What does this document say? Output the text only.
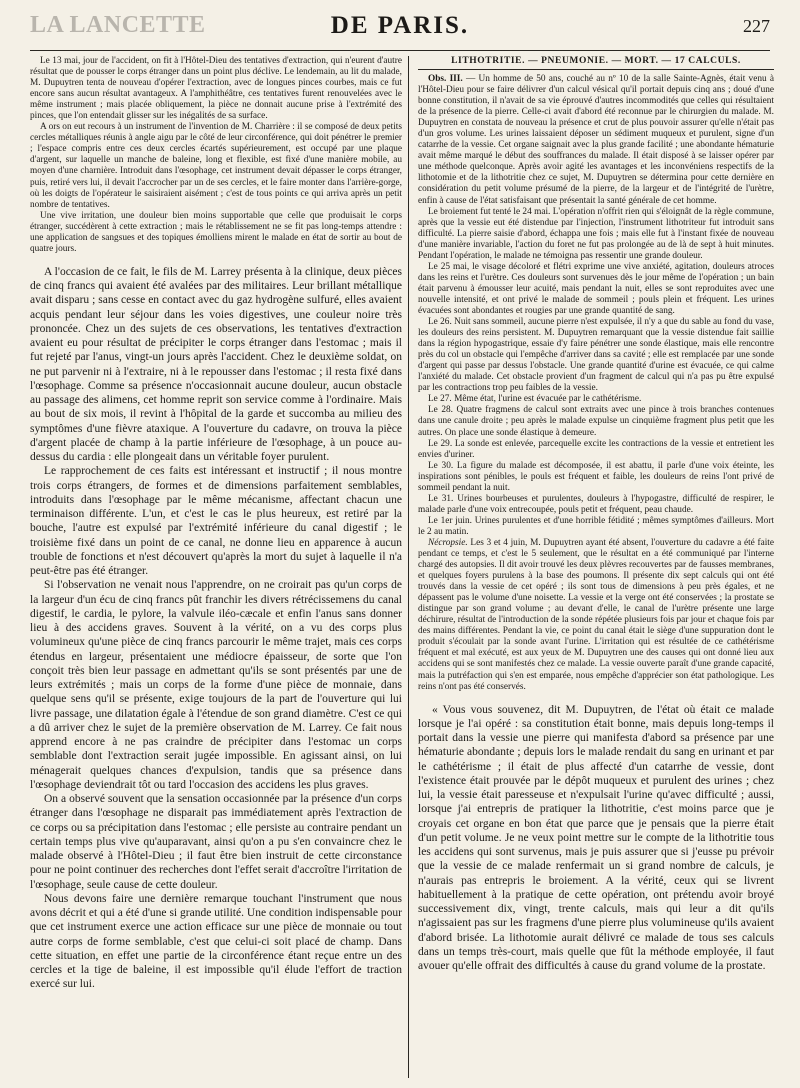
LA LANCETTE	DE PARIS.	227

Le 13 mai, jour de l'accident, on fit à l'Hôtel-Dieu des tentatives d'extraction, qui n'eurent d'autre résultat que de pousser le corps étranger dans un point plus déclive. Le lendemain, au lit du malade, M. Dupuytren tenta de nouveau d'opérer l'extraction, avec de longues pinces courbes, mais ce fut encore sans aucun résultat avantageux. A l'amphithéâtre, ces tentatives furent renouvelées avec le même instrument ; mais placée obliquement, la pièce ne donnait aucune prise à l'extrémité des pinces, que l'on entendait glisser sur les inégalités de sa surface.

A ors on eut recours à un instrument de l'invention de M. Charrière : il se composé de deux petits cercles métalliques réunis à angle aigu par le côté de leur circonférence, qui doit pénétrer le premier ; l'espace compris entre ces deux cercles écartés supérieurement, est occupé par une plaque d'argent, sur laquelle un manche de baleine, long et flexible, est fixé d'une manière mobile, au moyen d'une charnière. Introduit dans l'œsophage, cet instrument devait dépasser le corps étranger, puis, retiré vers lui, il devait l'accrocher par un de ses cercles, et le faire monter dans l'arrière-gorge, où les doigts de l'opérateur le saisiraient aisément ; c'est de tous points ce qui arriva après un petit nombre de tentatives.

Une vive irritation, une douleur bien moins supportable que celle que produisait le corps étranger, succédèrent à cette extraction ; mais le rétablissement ne se fit pas long-temps attendre : une application de sangsues et des topiques émolliens mirent le malade en état de sortir au bout de quatre jours.

A l'occasion de ce fait, le fils de M. Larrey présenta à la clinique, deux pièces de cinq francs qui avaient été avalées par des militaires. Leur brillant métallique avait disparu ; sans cesse en contact avec du gaz hydrogène sulfuré, elles avaient acquis pendant leur séjour dans les voies digestives, une couleur noire très prononcée. Chez un des sujets de ces observations, les tentatives d'extraction avaient eu pour résultat de précipiter le corps étranger dans l'estomac ; mais il fut rejeté par l'anus, vingt-un jours après l'accident. Chez le deuxième soldat, on ne put parvenir ni à l'extraire, ni à le repousser dans l'estomac ; il resta fixé dans l'œsophage. Comme sa présence n'occasionnait aucune douleur, aucun obstacle au passage des alimens, cet homme reprit son service comme à l'ordinaire. Mais au bout de six mois, il revint à l'hôpital de la garde et succomba au milieu des symptômes d'une fièvre ataxique. A l'ouverture du cadavre, on trouva la pièce d'argent placée de champ à la partie inférieure de l'œsophage, à un pouce au-dessus du cardia : elle plongeait dans un véritable foyer purulent.

Le rapprochement de ces faits est intéressant et instructif ; il nous montre trois corps étrangers, de formes et de dimensions parfaitement semblables, introduits dans l'œsophage par le même mécanisme, affectant chacun une terminaison différente. L'un, et c'est le cas le plus heureux, est retiré par la bouche, l'autre est expulsé par l'extrémité inférieure du canal digestif ; le troisième fixé dans un point de ce canal, ne donne lieu en apparence à aucun trouble de fonctions et n'est découvert qu'après la mort du sujet à laquelle il n'a peut-être pas été étranger.

Si l'observation ne venait nous l'apprendre, on ne croirait pas qu'un corps de la largeur d'un écu de cinq francs pût franchir les divers rétrécissemens du canal digestif, le cardia, le pylore, la valvule iléo-cæcale et enfin l'anus sans donner lieu à des accidens graves. Souvent à la vérité, on a vu des corps plus volumineux qu'une pièce de cinq francs parcourir le même trajet, mais ces corps étendus en largeur, présentaient une médiocre épaisseur, de sorte que l'on conçoit très bien leur passage en admettant qu'ils se sont présentés par une de leurs extrémités ; mais un corps de la forme d'une pièce de monnaie, dans quelque sens qu'il se présente, exige toujours de la part de l'ouverture qui lui livre passage, une dilatation égale à l'étendue de son grand diamètre. C'est ce qui a dû arriver chez le sujet de la première observation de M. Larrey. Ce fait nous apprend encore à ne pas craindre de précipiter dans l'estomac un corps semblable dont l'extraction serait jugée impossible. En agissant ainsi, on lui ménagerait quelques chances d'expulsion, tandis que sa présence dans l'œsophage deviendrait tôt ou tard l'occasion des accidens les plus graves.

On a observé souvent que la sensation occasionnée par la présence d'un corps étranger dans l'œsophage ne disparait pas immédiatement après l'extraction de ce corps ou sa précipitation dans l'estomac ; elle persiste au contraire pendant un certain temps plus vive qu'auparavant, ainsi qu'on a pu s'en convaincre chez le malade observé à l'Hôtel-Dieu ; il faut être bien instruit de cette circonstance pour ne point continuer des recherches dont l'effet serait d'accroître l'irritation de l'œsophage, seule cause de cette douleur.

Nous devons faire une dernière remarque touchant l'instrument que nous avons décrit et qui a été d'une si grande utilité. Une condition indispensable pour que cet instrument exerce une action efficace sur une pièce de monnaie ou tout autre corps de forme semblable, c'est que celui-ci soit placé de champ. Dans cette situation, en effet une partie de la circonférence étant reçue entre un des cercles et la tige de baleine, il est impossible qu'il élude l'effort de traction exercé sur lui.

LITHOTRITIE. — PNEUMONIE. — MORT. — 17 CALCULS.

Obs. III. — Un homme de 50 ans, couché au nº 10 de la salle Sainte-Agnès, était venu à l'Hôtel-Dieu pour se faire délivrer d'un calcul vésical qu'il portait depuis cinq ans ; doué d'une bonne constitution, il n'avait de sa vie éprouvé d'autres incommodités que celles qui résultaient de la présence de la pierre. Celle-ci avait d'abord été reconnue par le chirurgien du malade. M. Dupuytren en constata de nouveau la présence et crut de plus pouvoir assurer qu'elle n'était pas d'un gros volume. Les urines laissaient déposer un sédiment muqueux et purulent, signe d'un catarrhe de la vessie. Cet organe saignait avec la plus grande facilité ; une abondante hématurie avait même marqué le début des souffrances du malade. Il était disposé à se laisser opérer par une méthode quelconque. Après avoir agité les avantages et les inconvéniens respectifs de la lithotomie et de la lithotritie chez ce sujet, M. Dupuytren se détermina pour cette dernière en considération du petit volume présumé de la pierre, de la largeur et de l'intégrité de l'urètre, enfin à cause de l'état satisfaisant que présentait la santé générale de cet homme.

Le broiement fut tenté le 24 mai. L'opération n'offrit rien qui s'éloignât de la règle commune, après que la vessie eut été distendue par l'injection, l'instrument lithotriteur fut introduit sans difficulté. La pierre saisie d'abord, échappa une fois ; mais elle fut à l'instant fixée de nouveau d'une manière invariable, l'action du foret ne fut pas prolongée au de là de sept à huit minutes. Pendant l'opération, le malade ne témoigna pas ressentir une grande douleur.

Le 25 mai, le visage décoloré et flétri exprime une vive anxiété, agitation, douleurs atroces dans les reins et l'urètre. Ces douleurs sont survenues dès le jour même de l'opération ; un bain était parvenu à émousser leur acuité, mais pendant la nuit, elles se sont reproduites avec une nouvelle intensité, et ont privé le malade de sommeil ; pouls plein et fréquent. Les urines évacuées sont abondantes et rougies par une grande quantité de sang.

Le 26. Nuit sans sommeil, aucune pierre n'est expulsée, il n'y a que du sable au fond du vase, les douleurs des reins persistent. M. Dupuytren remarquant que la vessie distendue fait saillie dans la région hypogastrique, essaie d'y faire pénétrer une sonde élastique, mais elle rencontre près du col un obstacle qui l'empêche d'arriver dans sa cavité ; elle est remplacée par une sonde d'argent qui passe par dessus l'obstacle. Une grande quantité d'urine est évacuée, ce qui calme l'anxiété du malade. Cet obstacle provient d'un fragment de calcul qui n'a pas pu être expulsé par les contractions trop peu faibles de la vessie.

Le 27. Même état, l'urine est évacuée par le cathétérisme.

Le 28. Quatre fragmens de calcul sont extraits avec une pince à trois branches contenues dans une canule droite ; peu après le malade expulse un cinquième fragment plus petit que les autres. On place une sonde élastique à demeure.

Le 29. La sonde est enlevée, parcequelle excite les contractions de la vessie et entretient les envies d'uriner.

Le 30. La figure du malade est décomposée, il est abattu, il parle d'une voix éteinte, les inspirations sont pénibles, le pouls est fréquent et faible, les douleurs de reins l'ont privé de sommeil pendant la nuit.

Le 31. Urines bourbeuses et purulentes, douleurs à l'hypogastre, difficulté de respirer, le malade parle d'une voix entrecoupée, pouls petit et fréquent, peau chaude.

Le 1er juin. Urines purulentes et d'une horrible fétidité ; mêmes symptômes d'ailleurs. Mort le 2 au matin.

Nécropsie. Les 3 et 4 juin, M. Dupuytren ayant été absent, l'ouverture du cadavre a été faite pendant ce temps, et c'est le 5 seulement, que le résultat en a été communiqué par l'interne chargé des autopsies. Il dit avoir trouvé les deux plèvres recouvertes par de fausses membranes, et quelques foyers purulens à la base des poumons. Il présente dix sept calculs qui ont été trouvés dans la vessie de cet opéré ; ils sont tous de dimensions à peu près égales, et ne dépassent pas le volume d'une noisette. La vessie et la verge ont été conservées ; la prostate se distingue par son grand volume ; au devant d'elle, le canal de l'urètre présente une large déchirure, résultat de l'introduction de la sonde répétée plusieurs fois par jour et chaque fois par des mains différentes. Pendant la vie, ce point du canal était le siège d'une suppuration dont le produit s'écoulait par la sonde avant l'urine. L'irritation qui est résultée de ce cathétérisme fréquent et mal exécuté, est aux yeux de M. Dupuytren une des causes qui ont donné lieu aux accidens qui se sont manifestés chez ce malade. La vessie ouverte paraît d'une grande capacité, mais la putréfaction qui s'en est emparée, nous empêche d'apprécier son état pathologique. Les reins n'ont pas été conservés.

« Vous vous souvenez, dit M. Dupuytren, de l'état où était ce malade lorsque je l'ai opéré : sa constitution était bonne, mais depuis long-temps il portait dans la vessie une pierre qui manifesta d'abord sa présence par une hématurie abondante ; depuis lors le malade rendait du sang en urinant et par le cathétérisme ; il était de plus affecté d'un catarrhe de vessie, dont l'existence était prouvée par le dépôt muqueux et purulent des urines ; chez lui, la vessie était paresseuse et n'expulsait l'urine qu'avec difficulté ; aussi, lorsque j'ai entrepris de pratiquer la lithotritie, c'est moins parce que je croyais cet organe en bon état que parce que je pensais que la pierre était d'un petit volume. Je ne veux point mettre sur le compte de la lithotritie tous les accidens qui sont survenus, mais je puis assurer que si j'eusse pu prévoir que la vessie de ce malade renfermait un si grand nombre de calculs, je n'aurais pas entrepris le broiement. A la vérité, ceux qui se livrent habituellement à la pratique de cette opération, ont prétendu avoir broyé successivement dix, vingt, trente calculs, mais qui leur a dit qu'ils n'agissaient pas sur les fragmens d'une pierre plus volumineuse qu'ils avaient d'abord brisée. La lithotomie aurait délivré ce malade de tous ses calculs dans un temps très-court, mais quelle que fût la méthode employée, il faut avouer qu'elle offrait des difficultés à cause du grand volume de la prostate.
